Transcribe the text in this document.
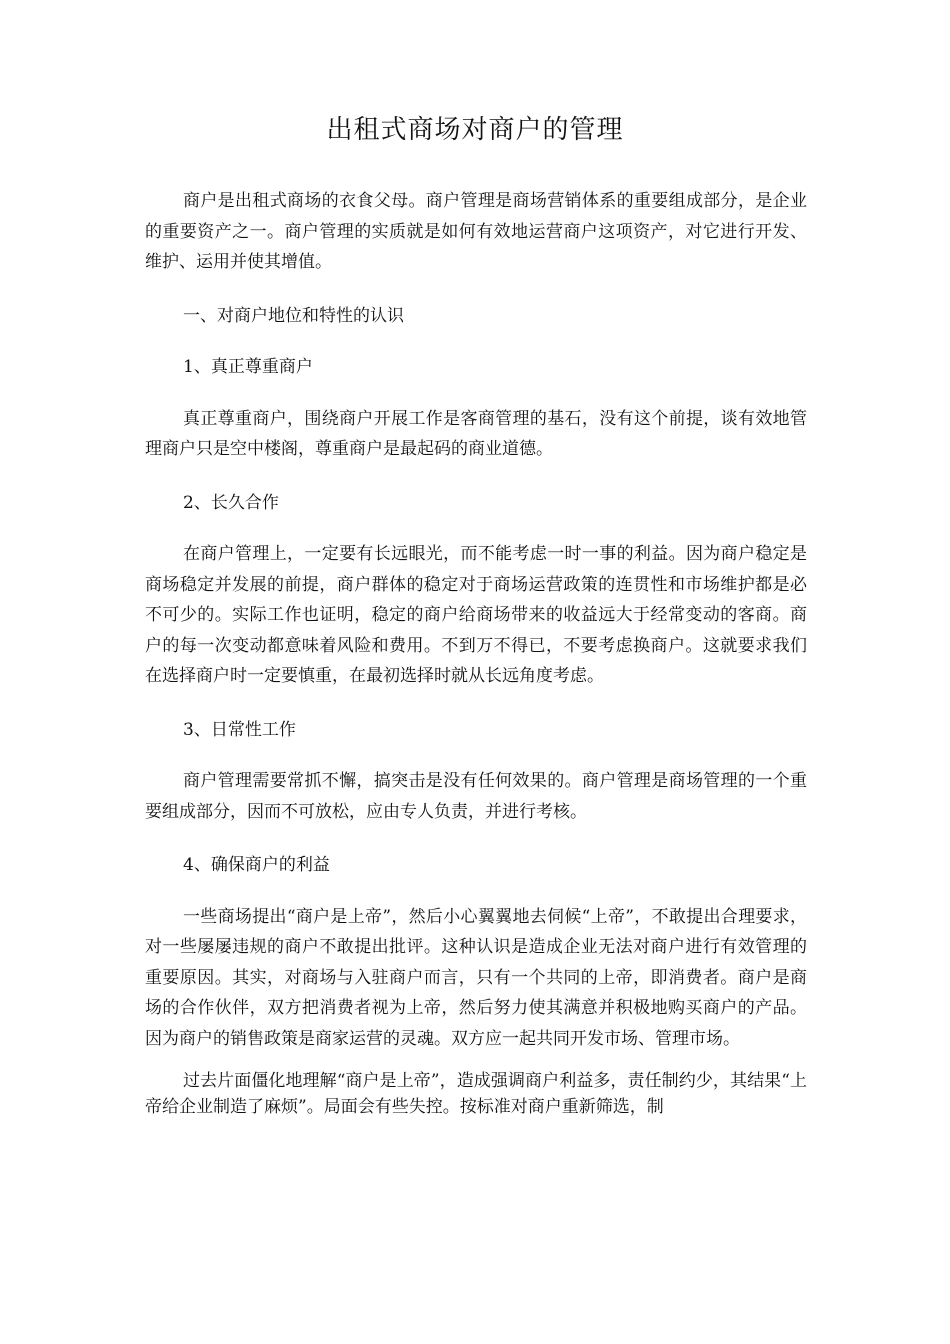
出租式商场对商户的管理

商户是出租式商场的衣食父母。商户管理是商场营销体系的重要组成部分，是企业的重要资产之一。商户管理的实质就是如何有效地运营商户这项资产，对它进行开发、维护、运用并使其增值。

一、对商户地位和特性的认识

1、真正尊重商户

真正尊重商户，围绕商户开展工作是客商管理的基石，没有这个前提，谈有效地管理商户只是空中楼阁，尊重商户是最起码的商业道德。

2、长久合作

在商户管理上，一定要有长远眼光，而不能考虑一时一事的利益。因为商户稳定是商场稳定并发展的前提，商户群体的稳定对于商场运营政策的连贯性和市场维护都是必不可少的。实际工作也证明，稳定的商户给商场带来的收益远大于经常变动的客商。商户的每一次变动都意味着风险和费用。不到万不得已，不要考虑换商户。这就要求我们在选择商户时一定要慎重，在最初选择时就从长远角度考虑。

3、日常性工作

商户管理需要常抓不懈，搞突击是没有任何效果的。商户管理是商场管理的一个重要组成部分，因而不可放松，应由专人负责，并进行考核。

4、确保商户的利益

一些商场提出“商户是上帝”，然后小心翼翼地去伺候“上帝”，不敢提出合理要求，对一些屡屡违规的商户不敢提出批评。这种认识是造成企业无法对商户进行有效管理的重要原因。其实，对商场与入驻商户而言，只有一个共同的上帝，即消费者。商户是商场的合作伙伴，双方把消费者视为上帝，然后努力使其满意并积极地购买商户的产品。因为商户的销售政策是商家运营的灵魂。双方应一起共同开发市场、管理市场。

过去片面僵化地理解“商户是上帝”，造成强调商户利益多，责任制约少，其结果“上帝给企业制造了麻烦”。局面会有些失控。按标准对商户重新筛选，制
